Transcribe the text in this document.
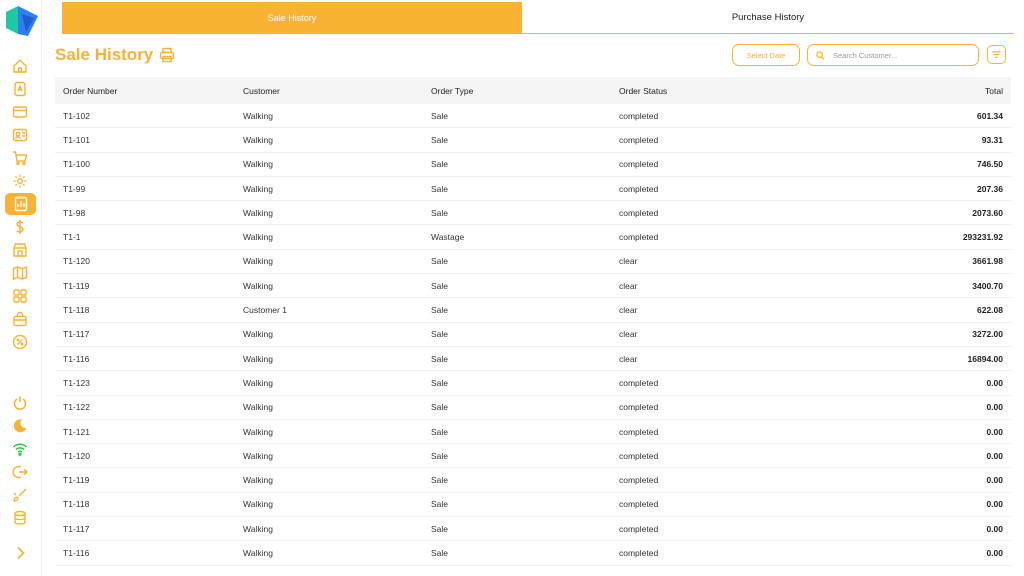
Sale History	Purchase History
Sale History	Select Date
Search Customer...
Order Number	Customer	Order Type	Order Status	Total
T1-102	Walking	Sale	completed	601.34
T1-101	Walking	Sale	completed	93.31
T1-100	Walking	Sale	completed	746.50
T1-99	Walking	Sale	completed	207.36
T1-98	Walking	Sale	completed	2073.60
T1-1	Walking	Wastage	completed	293231.92
T1-120	Walking	Sale	clear	3661.98
T1-119	Walking	Sale	clear	3400.70
T1-118	Customer 1	Sale	clear	622.08
T1-117	Walking	Sale	clear	3272.00
T1-116	Walking	Sale	clear	16894.00
T1-123	Walking	Sale	completed	0.00
T1-122	Walking	Sale	completed	0.00
T1-121	Walking	Sale	completed	0.00
T1-120	Walking	Sale	completed	0.00
T1-119	Walking	Sale	completed	0.00
T1-118	Walking	Sale	completed	0.00
T1-117	Walking	Sale	completed	0.00
T1-116	Walking	Sale	completed	0.00
